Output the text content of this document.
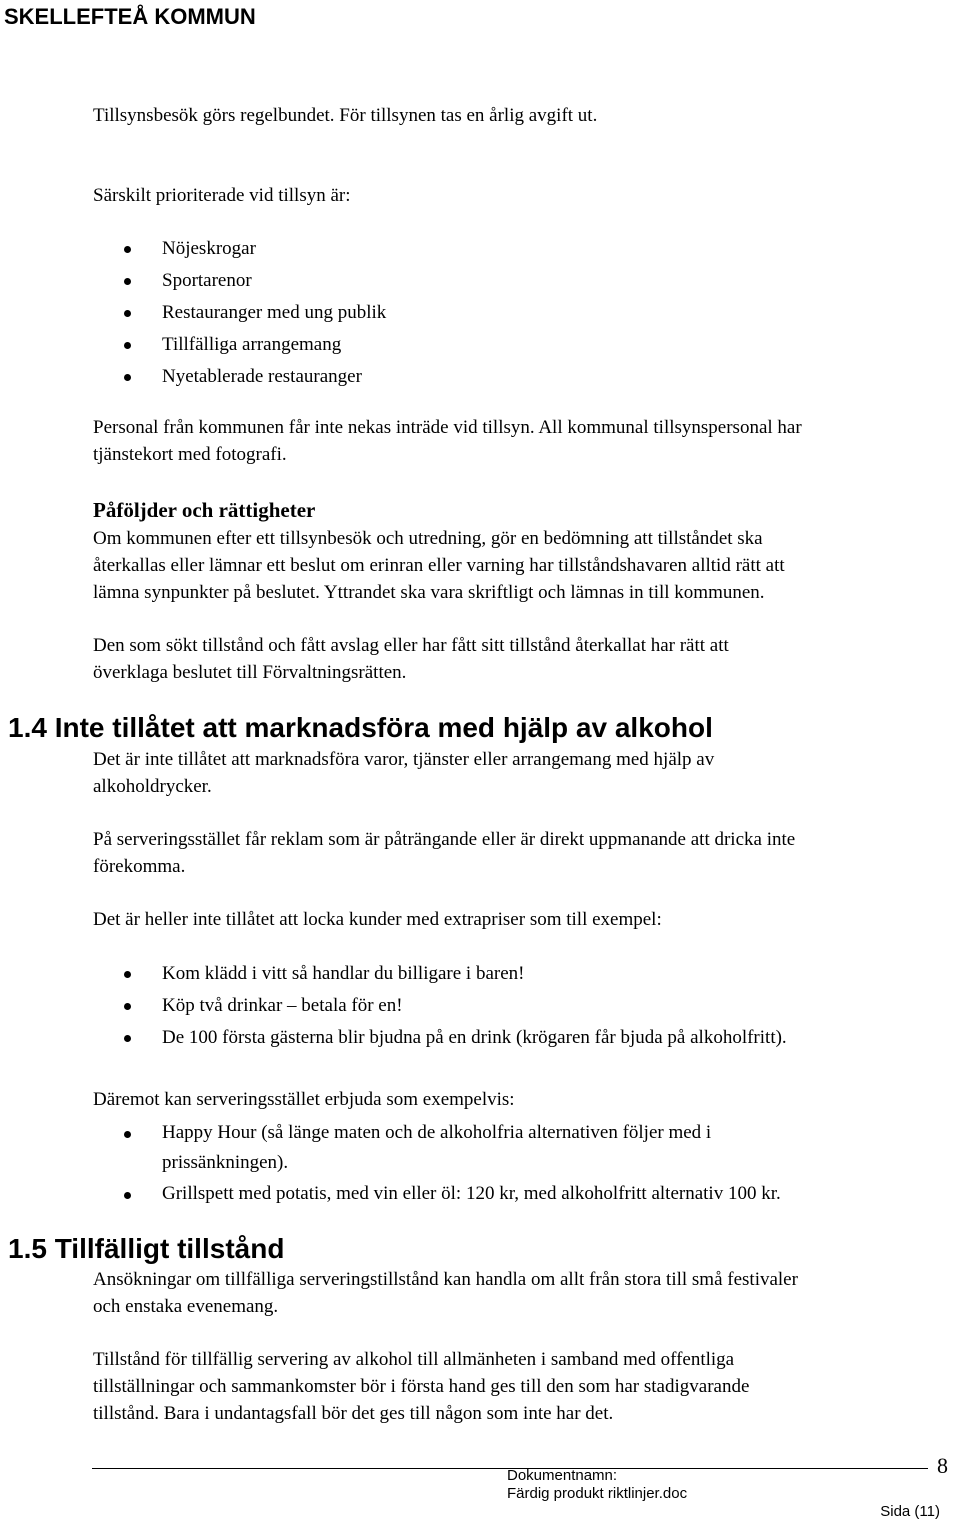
SKELLEFTEÅ KOMMUN
Tillsynsbesök görs regelbundet. För tillsynen tas en årlig avgift ut.
Särskilt prioriterade vid tillsyn är:
Nöjeskrogar
Sportarenor
Restauranger med ung publik
Tillfälliga arrangemang
Nyetablerade restauranger
Personal från kommunen får inte nekas inträde vid tillsyn. All kommunal tillsynspersonal har
tjänstekort med fotografi.
Påföljder och rättigheter
Om kommunen efter ett tillsynbesök och utredning, gör en bedömning att tillståndet ska
återkallas eller lämnar ett beslut om erinran eller varning har tillståndshavaren alltid rätt att
lämna synpunkter på beslutet. Yttrandet ska vara skriftligt och lämnas in till kommunen.
Den som sökt tillstånd och fått avslag eller har fått sitt tillstånd återkallat har rätt att
överklaga beslutet till Förvaltningsrätten.
1.4 Inte tillåtet att marknadsföra med hjälp av alkohol
Det är inte tillåtet att marknadsföra varor, tjänster eller arrangemang med hjälp av
alkoholdrycker.
På serveringsstället får reklam som är påträngande eller är direkt uppmanande att dricka inte
förekomma.
Det är heller inte tillåtet att locka kunder med extrapriser som till exempel:
Kom klädd i vitt så handlar du billigare i baren!
Köp två drinkar – betala för en!
De 100 första gästerna blir bjudna på en drink (krögaren får bjuda på alkoholfritt).
Däremot kan serveringsstället erbjuda som exempelvis:
Happy Hour (så länge maten och de alkoholfria alternativen följer med i
prissänkningen).
Grillspett med potatis, med vin eller öl: 120 kr, med alkoholfritt alternativ 100 kr.
1.5 Tillfälligt tillstånd
Ansökningar om tillfälliga serveringstillstånd kan handla om allt från stora till små festivaler
och enstaka evenemang.
Tillstånd för tillfällig servering av alkohol till allmänheten i samband med offentliga
tillställningar och sammankomster bör i första hand ges till den som har stadigvarande
tillstånd. Bara i undantagsfall bör det ges till någon som inte har det.
Dokumentnamn:
Färdig produkt riktlinjer.doc
8
Sida (11)
